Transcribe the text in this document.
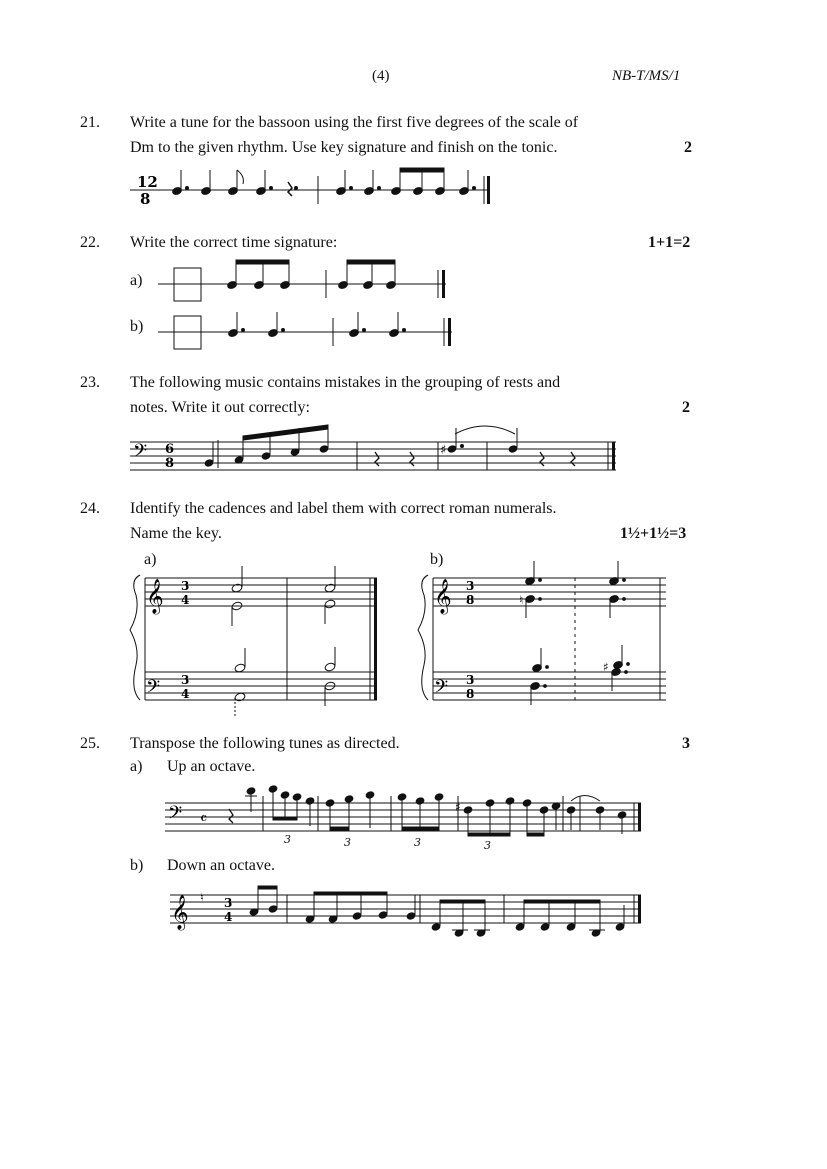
(4)	NB-T/MS/1
21. Write a tune for the bassoon using the first five degrees of the scale of
Dm to the given rhythm. Use key signature and finish on the tonic.	2
12
8
22. Write the correct time signature:	1+1=2
a)
b)
23. The following music contains mistakes in the grouping of rests and
notes. Write it out correctly:	2
𝄢 6
8
♯
24. Identify the cadences and label them with correct roman numerals.
Name the key.	1½+1½=3
a)	b)
𝄞
𝄢
3
4
3
4
𝄞
𝄢
3
8
3
8
♮
♯
25. Transpose the following tunes as directed.	3
a) Up an octave.
𝄢 𝄴
♯
3	3	3	3
b) Down an octave.
𝄞 ♮ 3
4
